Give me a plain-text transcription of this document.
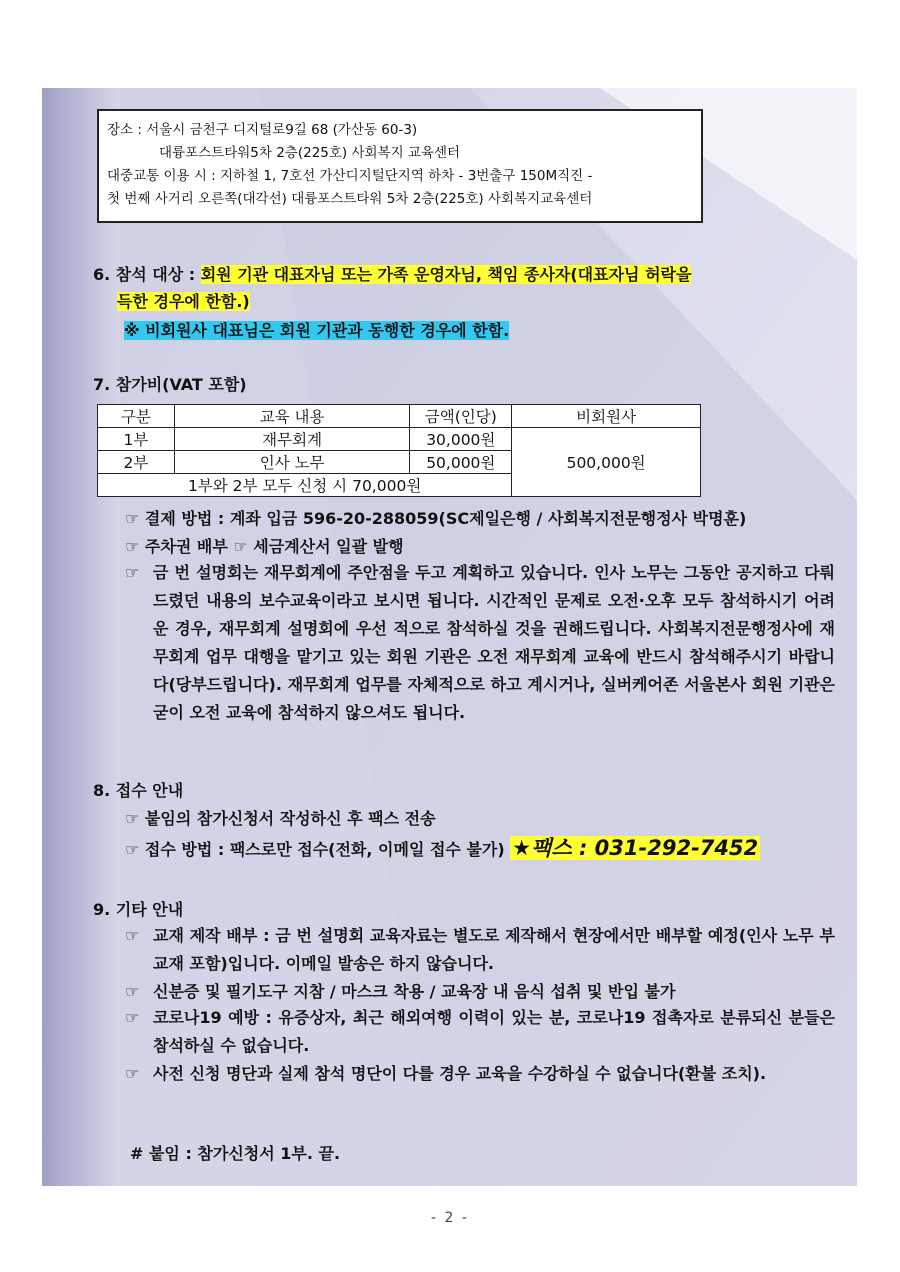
장소 : 서울시 금천구 디지털로9길 68 (가산동 60-3)
대륭포스트타워5차 2층(225호) 사회복지 교육센터
대중교통 이용 시 : 지하철 1, 7호선 가산디지털단지역 하차 - 3번출구 150M직진 -
첫 번째 사거리 오른쪽(대각선) 대륭포스트타워 5차 2층(225호) 사회복지교육센터
6. 참석 대상 : 회원 기관 대표자님 또는 가족 운영자님, 책임 종사자(대표자님 허락을
득한 경우에 한함.)
※ 비회원사 대표님은 회원 기관과 동행한 경우에 한함.
7. 참가비(VAT 포함)
구분	교육 내용	금액(인당)	비회원사
1부	재무회계	30,000원	500,000원
2부	인사 노무	50,000원	
1부와 2부 모두 신청 시 70,000원			
☞ 결제 방법 : 계좌 입금 596-20-288059(SC제일은행 / 사회복지전문행정사 박명훈)
☞ 주차권 배부 ☞ 세금계산서 일괄 발행
☞ 금 번 설명회는 재무회계에 주안점을 두고 계획하고 있습니다. 인사 노무는 그동안 공지하고 다뤄드렸던 내용의 보수교육이라고 보시면 됩니다. 시간적인 문제로 오전·오후 모두 참석하시기 어려운 경우, 재무회계 설명회에 우선 적으로 참석하실 것을 권해드립니다. 사회복지전문행정사에 재무회계 업무 대행을 맡기고 있는 회원 기관은 오전 재무회계 교육에 반드시 참석해주시기 바랍니다(당부드립니다). 재무회계 업무를 자체적으로 하고 계시거나, 실버케어존 서울본사 회원 기관은 굳이 오전 교육에 참석하지 않으셔도 됩니다.
8. 접수 안내
☞ 붙임의 참가신청서 작성하신 후 팩스 전송
☞ 접수 방법 : 팩스로만 접수(전화, 이메일 접수 불가) ★팩스 : 031-292-7452
9. 기타 안내
☞ 교재 제작 배부 : 금 번 설명회 교육자료는 별도로 제작해서 현장에서만 배부할 예정(인사 노무 부교재 포함)입니다. 이메일 발송은 하지 않습니다.
☞ 신분증 및 필기도구 지참 / 마스크 착용 / 교육장 내 음식 섭취 및 반입 불가
☞ 코로나19 예방 : 유증상자, 최근 해외여행 이력이 있는 분, 코로나19 접촉자로 분류되신 분들은 참석하실 수 없습니다.
☞ 사전 신청 명단과 실제 참석 명단이 다를 경우 교육을 수강하실 수 없습니다(환불 조치).
# 붙임 : 참가신청서 1부. 끝.
- 2 -
